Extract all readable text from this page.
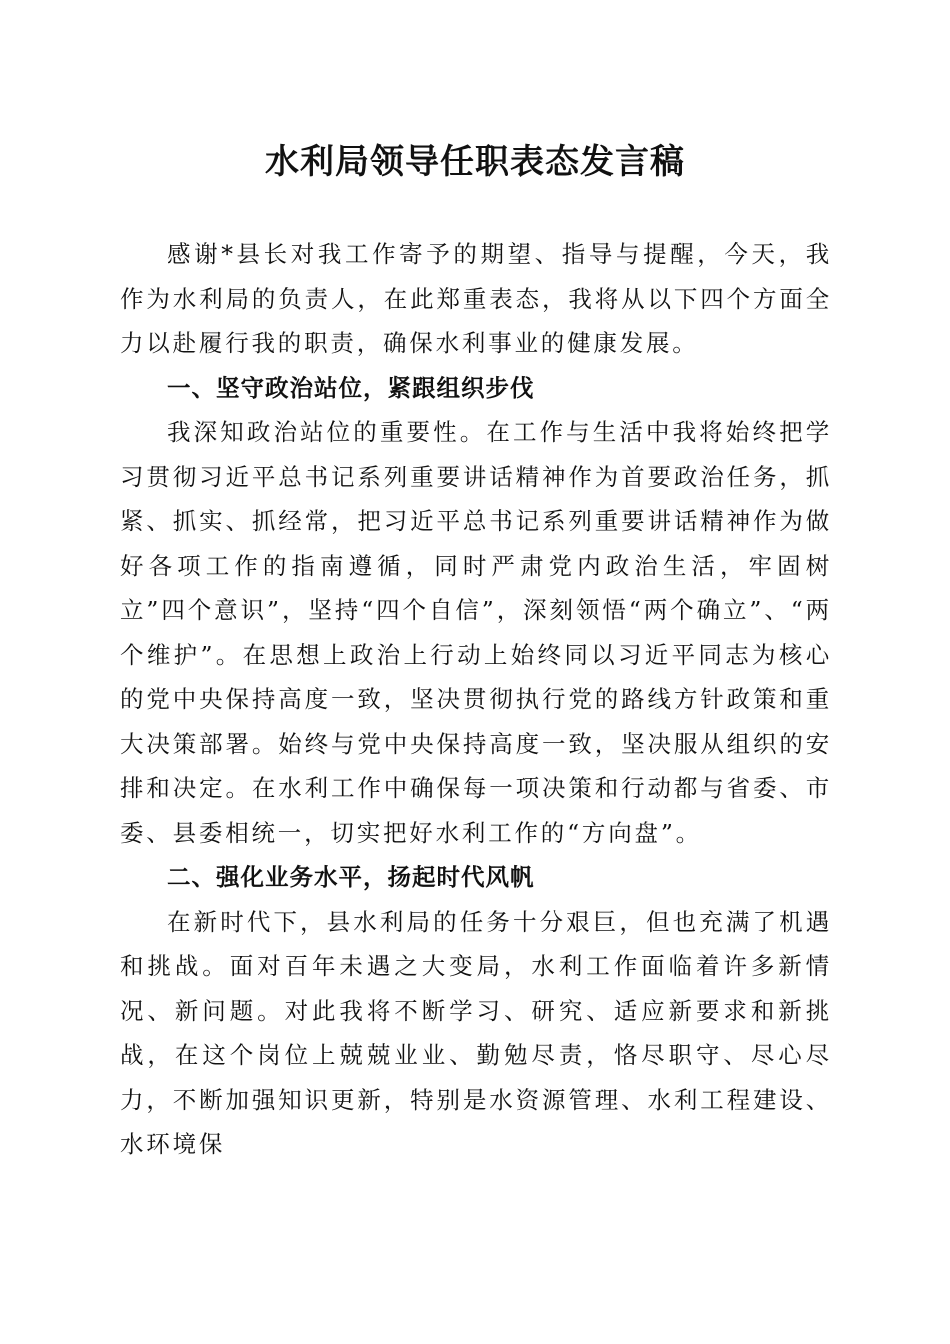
水利局领导任职表态发言稿

感谢*县长对我工作寄予的期望、指导与提醒，今天，我作为水利局的负责人，在此郑重表态，我将从以下四个方面全力以赴履行我的职责，确保水利事业的健康发展。

一、坚守政治站位，紧跟组织步伐

我深知政治站位的重要性。在工作与生活中我将始终把学习贯彻习近平总书记系列重要讲话精神作为首要政治任务，抓紧、抓实、抓经常，把习近平总书记系列重要讲话精神作为做好各项工作的指南遵循，同时严肃党内政治生活，牢固树立”四个意识”，坚持“四个自信”，深刻领悟“两个确立”、“两个维护”。在思想上政治上行动上始终同以习近平同志为核心的党中央保持高度一致，坚决贯彻执行党的路线方针政策和重大决策部署。始终与党中央保持高度一致，坚决服从组织的安排和决定。在水利工作中确保每一项决策和行动都与省委、市委、县委相统一，切实把好水利工作的“方向盘”。

二、强化业务水平，扬起时代风帆

在新时代下，县水利局的任务十分艰巨，但也充满了机遇和挑战。面对百年未遇之大变局，水利工作面临着许多新情况、新问题。对此我将不断学习、研究、适应新要求和新挑战，在这个岗位上兢兢业业、勤勉尽责，恪尽职守、尽心尽力，不断加强知识更新，特别是水资源管理、水利工程建设、水环境保
